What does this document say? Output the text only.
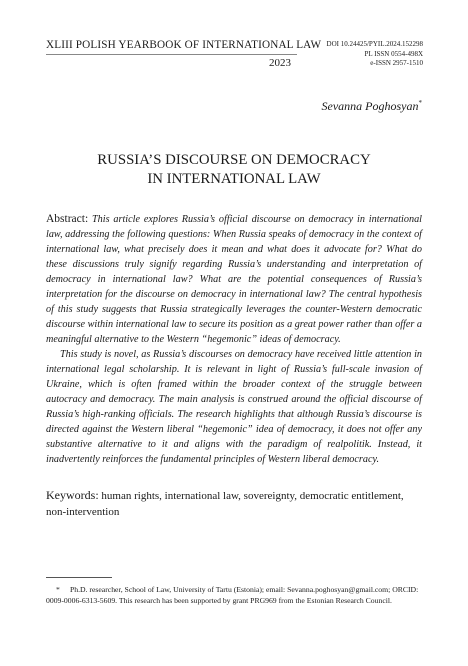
XLIII POLISH YEARBOOK OF INTERNATIONAL LAW
2023
DOI 10.24425/PYIL.2024.152298
PL ISSN 0554-498X
e-ISSN 2957-1510
Sevanna Poghosyan*
RUSSIA’S DISCOURSE ON DEMOCRACY
IN INTERNATIONAL LAW

Abstract: This article explores Russia’s official discourse on democracy in international law, addressing the following questions: When Russia speaks of democracy in the context of international law, what precisely does it mean and what does it advocate for? What do these discussions truly signify regarding Russia’s understanding and interpretation of democracy in international law? What are the potential consequences of Russia’s interpretation for the discourse on democracy in international law? The central hypothesis of this study suggests that Russia strategically leverages the counter-Western democratic discourse within international law to secure its position as a great power rather than offer a meaningful alternative to the Western “hegemonic” ideas of democracy.

This study is novel, as Russia’s discourses on democracy have received little attention in international legal scholarship. It is relevant in light of Russia’s full-scale invasion of Ukraine, which is often framed within the broader context of the struggle between autocracy and democracy. The main analysis is construed around the official discourse of Russia’s high-ranking officials. The research highlights that although Russia’s discourse is directed against the Western liberal “hegemonic” idea of democracy, it does not offer any substantive alternative to it and aligns with the paradigm of realpolitik. Instead, it inadvertently reinforces the fundamental principles of Western liberal democracy.

Keywords: human rights, international law, sovereignty, democratic entitlement, non-intervention
* Ph.D. researcher, School of Law, University of Tartu (Estonia); email: Sevanna.poghosyan@gmail.com; ORCID: 0009-0006-6313-5609. This research has been supported by grant PRG969 from the Estonian Research Council.
